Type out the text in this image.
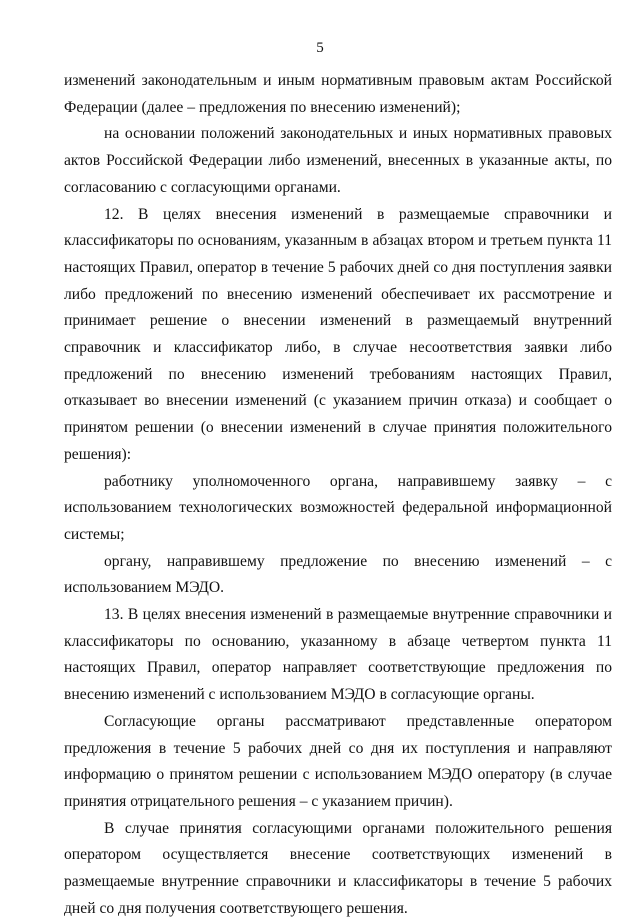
5

изменений законодательным и иным нормативным правовым актам Российской Федерации (далее – предложения по внесению изменений);

на основании положений законодательных и иных нормативных правовых актов Российской Федерации либо изменений, внесенных в указанные акты, по согласованию с согласующими органами.

12. В целях внесения изменений в размещаемые справочники и классификаторы по основаниям, указанным в абзацах втором и третьем пункта 11 настоящих Правил, оператор в течение 5 рабочих дней со дня поступления заявки либо предложений по внесению изменений обеспечивает их рассмотрение и принимает решение о внесении изменений в размещаемый внутренний справочник и классификатор либо, в случае несоответствия заявки либо предложений по внесению изменений требованиям настоящих Правил, отказывает во внесении изменений (с указанием причин отказа) и сообщает о принятом решении (о внесении изменений в случае принятия положительного решения):

работнику уполномоченного органа, направившему заявку – с использованием технологических возможностей федеральной информационной системы;

органу, направившему предложение по внесению изменений – с использованием МЭДО.

13. В целях внесения изменений в размещаемые внутренние справочники и классификаторы по основанию, указанному в абзаце четвертом пункта 11 настоящих Правил, оператор направляет соответствующие предложения по внесению изменений с использованием МЭДО в согласующие органы.

Согласующие органы рассматривают представленные оператором предложения в течение 5 рабочих дней со дня их поступления и направляют информацию о принятом решении с использованием МЭДО оператору (в случае принятия отрицательного решения – с указанием причин).

В случае принятия согласующими органами положительного решения оператором осуществляется внесение соответствующих изменений в размещаемые внутренние справочники и классификаторы в течение 5 рабочих дней со дня получения соответствующего решения.
